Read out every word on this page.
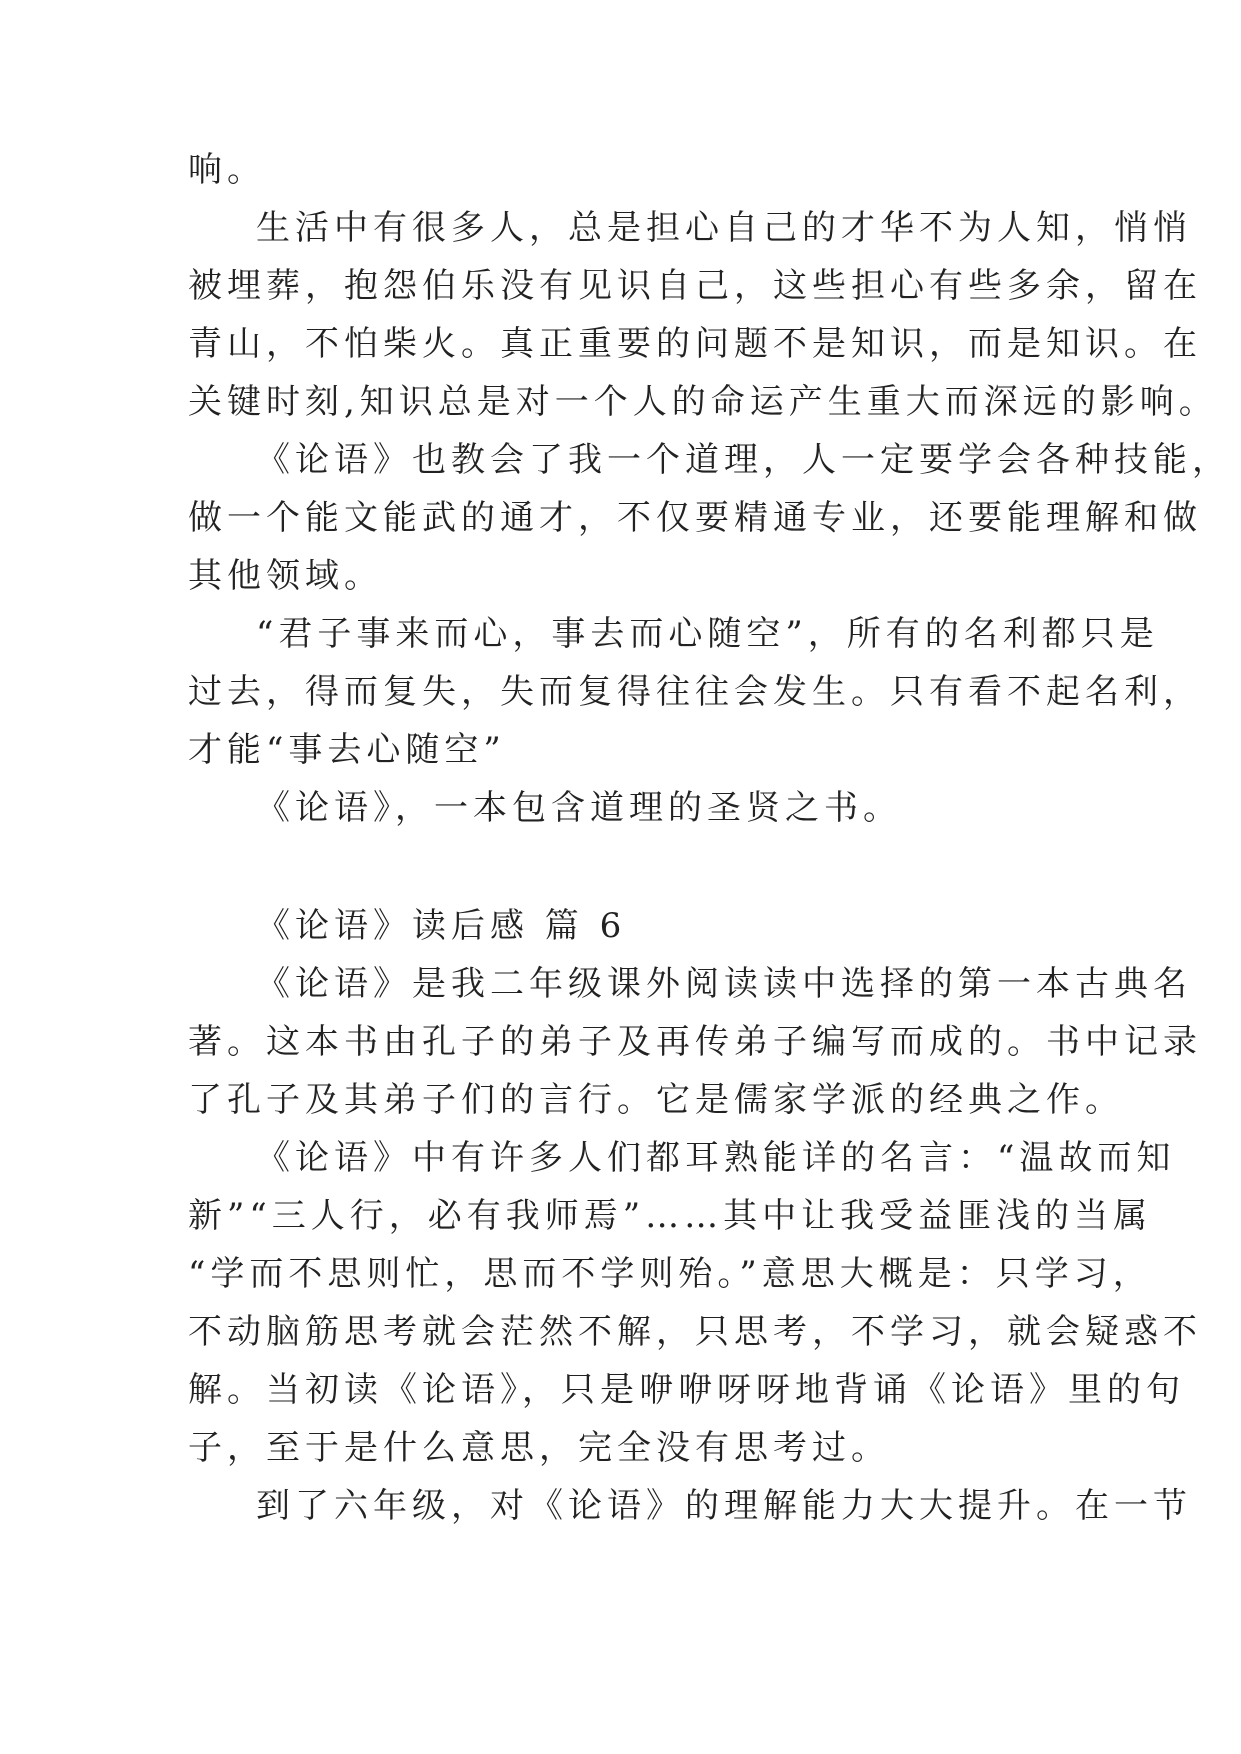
响。
生活中有很多人，总是担心自己的才华不为人知，悄悄
被埋葬，抱怨伯乐没有见识自己，这些担心有些多余，留在
青山，不怕柴火。真正重要的问题不是知识，而是知识。在
关键时刻,知识总是对一个人的命运产生重大而深远的影响。
《论语》也教会了我一个道理，人一定要学会各种技能，
做一个能文能武的通才，不仅要精通专业，还要能理解和做
其他领域。
“君子事来而心，事去而心随空”，所有的名利都只是
过去，得而复失，失而复得往往会发生。只有看不起名利，
才能“事去心随空”
《论语》，一本包含道理的圣贤之书。
《论语》读后感 篇 6
《论语》是我二年级课外阅读读中选择的第一本古典名
著。这本书由孔子的弟子及再传弟子编写而成的。书中记录
了孔子及其弟子们的言行。它是儒家学派的经典之作。
《论语》中有许多人们都耳熟能详的名言：“温故而知
新”“三人行，必有我师焉”……其中让我受益匪浅的当属
“学而不思则忙，思而不学则殆。”意思大概是：只学习，
不动脑筋思考就会茫然不解，只思考，不学习，就会疑惑不
解。当初读《论语》，只是咿咿呀呀地背诵《论语》里的句
子，至于是什么意思，完全没有思考过。
到了六年级，对《论语》的理解能力大大提升。在一节
